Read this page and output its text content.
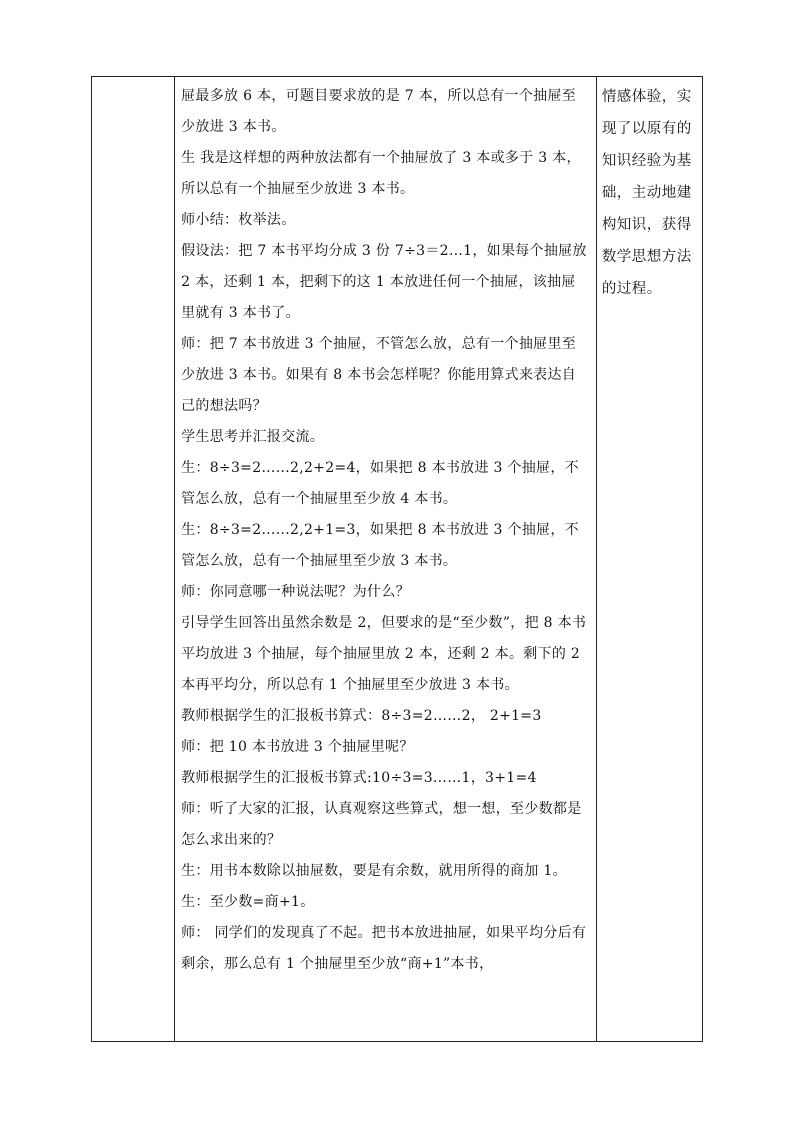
屉最多放 6 本，可题目要求放的是 7 本，所以总有一个抽屉至少放进 3 本书。

生 我是这样想的两种放法都有一个抽屉放了 3 本或多于 3 本，所以总有一个抽屉至少放进 3 本书。

师小结：枚举法。

假设法：把 7 本书平均分成 3 份 7÷3＝2…1，如果每个抽屉放 2 本，还剩 1 本，把剩下的这 1 本放进任何一个抽屉，该抽屉里就有 3 本书了。

师：把 7 本书放进 3 个抽屉，不管怎么放，总有一个抽屉里至少放进 3 本书。如果有 8 本书会怎样呢？你能用算式来表达自己的想法吗？

学生思考并汇报交流。

生：8÷3=2……2,2+2=4，如果把 8 本书放进 3 个抽屉，不管怎么放，总有一个抽屉里至少放 4 本书。

生：8÷3=2……2,2+1=3，如果把 8 本书放进 3 个抽屉，不管怎么放，总有一个抽屉里至少放 3 本书。

师：你同意哪一种说法呢？为什么？

引导学生回答出虽然余数是 2，但要求的是“至少数”，把 8 本书平均放进 3 个抽屉，每个抽屉里放 2 本，还剩 2 本。剩下的 2 本再平均分，所以总有 1 个抽屉里至少放进 3 本书。

教师根据学生的汇报板书算式：8÷3=2……2， 2+1=3

师：把 10 本书放进 3 个抽屉里呢？

教师根据学生的汇报板书算式:10÷3=3……1，3+1=4

师：听了大家的汇报，认真观察这些算式，想一想，至少数都是怎么求出来的？

生：用书本数除以抽屉数，要是有余数，就用所得的商加 1。

生：至少数=商+1。

师： 同学们的发现真了不起。把书本放进抽屉，如果平均分后有剩余，那么总有 1 个抽屉里至少放“商+1”本书，

情感体验，实现了以原有的知识经验为基础，主动地建构知识，获得数学思想方法的过程。
